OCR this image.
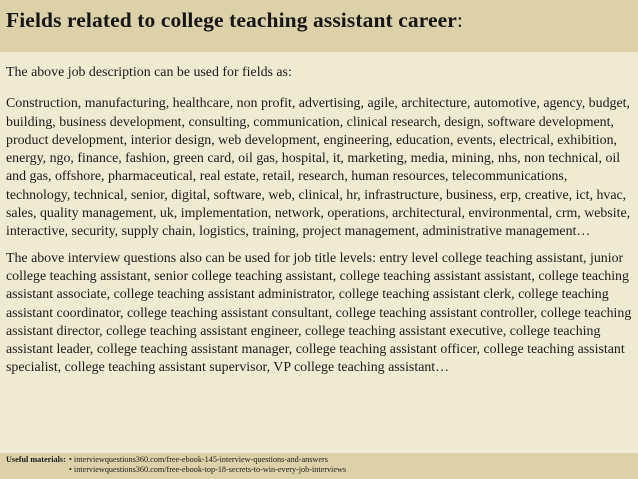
Fields related to college teaching assistant career:

The above job description can be used for fields as:

Construction, manufacturing, healthcare, non profit, advertising, agile, architecture, automotive, agency, budget, building, business development, consulting, communication, clinical research, design, software development, product development, interior design, web development, engineering, education, events, electrical, exhibition, energy, ngo, finance, fashion, green card, oil gas, hospital, it, marketing, media, mining, nhs, non technical, oil and gas, offshore, pharmaceutical, real estate, retail, research, human resources, telecommunications, technology, technical, senior, digital, software, web, clinical, hr, infrastructure, business, erp, creative, ict, hvac, sales, quality management, uk, implementation, network, operations, architectural, environmental, crm, website, interactive, security, supply chain, logistics, training, project management, administrative management…

The above interview questions also can be used for job title levels: entry level college teaching assistant, junior college teaching assistant, senior college teaching assistant, college teaching assistant assistant, college teaching assistant associate, college teaching assistant administrator, college teaching assistant clerk, college teaching assistant coordinator, college teaching assistant consultant, college teaching assistant controller, college teaching assistant director, college teaching assistant engineer, college teaching assistant executive, college teaching assistant leader, college teaching assistant manager, college teaching assistant officer, college teaching assistant specialist, college teaching assistant supervisor, VP college teaching assistant…

Useful materials: • interviewquestions360.com/free-ebook-145-interview-questions-and-answers
• interviewquestions360.com/free-ebook-top-18-secrets-to-win-every-job-interviews
